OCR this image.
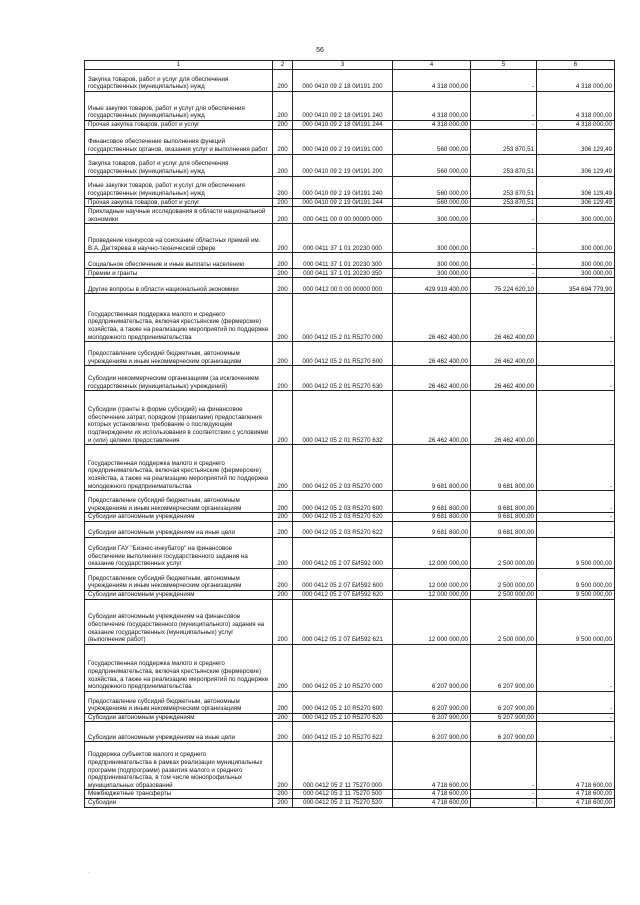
56
1	2	3	4	5	6
Закупка товаров, работ и услуг для обеспечения государственных (муниципальных) нужд	200	000 0410 09 2 18 0И191 200	4 318 000,00	-	4 318 000,00
Иные закупки товаров, работ и услуг для обеспечения государственных (муниципальных) нужд	200	000 0410 09 2 18 0И191 240	4 318 000,00	-	4 318 000,00
Прочая закупка товаров, работ и услуг	200	000 0410 09 2 18 0И191 244	4 318 000,00	-	4 318 000,00
Финансовое обеспечение выполнения функций государственных органов, оказания услуг и выполнения работ	200	000 0410 09 2 19 0И191 000	560 000,00	253 870,51	306 129,49
Закупка товаров, работ и услуг для обеспечения государственных (муниципальных) нужд	200	000 0410 09 2 19 0И191 200	560 000,00	253 870,51	306 129,49
Иные закупки товаров, работ и услуг для обеспечения государственных (муниципальных) нужд	200	000 0410 09 2 19 0И191 240	560 000,00	253 870,51	306 129,49
Прочая закупка товаров, работ и услуг	200	000 0410 09 2 19 0И191 244	560 000,00	253 870,51	306 129,49
Прикладные научные исследования в области национальной экономики	200	000 0411 00 0 00 00000 000	300 000,00	-	300 000,00
Проведение конкурсов на соискание областных премий им. В.А. Дегтярева в научно-технической сфере	200	000 0411 37 1 01 20230 000	300 000,00	-	300 000,00
Социальное обеспечение и иные выплаты населению	200	000 0411 37 1 01 20230 300	300 000,00	-	300 000,00
Премии и гранты	200	000 0411 37 1 01 20230 350	300 000,00	-	300 000,00
Другие вопросы в области национальной экономики	200	000 0412 00 0 00 00000 000	429 919 400,00	75 224 620,10	354 694 779,90
Государственная поддержка малого и среднего предпринимательства, включая крестьянские (фермерские) хозяйства, а также на реализацию мероприятий по поддержке молодежного предпринимательства	200	000 0412 05 2 01 R5270 000	26 462 400,00	26 462 400,00	-
Предоставление субсидий бюджетным, автономным учреждениям и иным некоммерческим организациям	200	000 0412 05 2 01 R5270 600	26 462 400,00	26 462 400,00	-
Субсидии некоммерческим организациям (за исключением государственных (муниципальных) учреждений)	200	000 0412 05 2 01 R5270 630	26 462 400,00	26 462 400,00	-
Субсидии (гранты в форме субсидий) на финансовое обеспечение затрат, порядком (правилами) предоставления которых установлено требование о последующем подтверждении их использования в соответствии с условиями и (или) целями предоставления	200	000 0412 05 2 01 R5270 632	26 462 400,00	26 462 400,00	-
Государственная поддержка малого и среднего предпринимательства, включая крестьянские (фермерские) хозяйства, а также на реализацию мероприятий по поддержке молодежного предпринимательства	200	000 0412 05 2 03 R5270 000	9 681 800,00	9 681 800,00	-
Предоставление субсидий бюджетным, автономным учреждениям и иным некоммерческим организациям	200	000 0412 05 2 03 R5270 600	9 681 800,00	9 681 800,00	-
Субсидии автономным учреждениям	200	000 0412 05 2 03 R5270 620	9 681 800,00	9 681 800,00	-
Субсидии автономным учреждениям на иные цели	200	000 0412 05 2 03 R5270 622	9 681 800,00	9 681 800,00	-
Субсидии ГАУ "Бизнес-инкубатор" на финансовое обеспечение выполнения государственного задания на оказание государственных услуг	200	000 0412 05 2 07 БИ592 000	12 000 000,00	2 500 000,00	9 500 000,00
Предоставление субсидий бюджетным, автономным учреждениям и иным некоммерческим организациям	200	000 0412 05 2 07 БИ592 600	12 000 000,00	2 500 000,00	9 500 000,00
Субсидии автономным учреждениям	200	000 0412 05 2 07 БИ592 620	12 000 000,00	2 500 000,00	9 500 000,00
Субсидии автономным учреждениям на финансовое обеспечение государственного (муниципального) задания на оказание государственных (муниципальных) услуг (выполнение работ)	200	000 0412 05 2 07 БИ592 621	12 000 000,00	2 500 000,00	9 500 000,00
Государственная поддержка малого и среднего предпринимательства, включая крестьянские (фермерские) хозяйства, а также на реализацию мероприятий по поддержке молодежного предпринимательства	200	000 0412 05 2 10 R5270 000	6 207 900,00	6 207 900,00	-
Предоставление субсидий бюджетным, автономным учреждениям и иным некоммерческим организациям	200	000 0412 05 2 10 R5270 600	6 207 900,00	6 207 900,00	-
Субсидии автономным учреждениям	200	000 0412 05 2 10 R5270 620	6 207 900,00	6 207 900,00	-
Субсидии автономным учреждениям на иные цели	200	000 0412 05 2 10 R5270 622	6 207 900,00	6 207 900,00	-
Поддержка субъектов малого и среднего предпринимательства в рамках реализации муниципальных программ (подпрограмм) развития малого и среднего предпринимательства, в том числе монопрофильных муниципальных образований	200	000 0412 05 2 11 75270 000	4 718 600,00	-	4 718 600,00
Межбюджетные трансферты	200	000 0412 05 2 11 75270 500	4 718 600,00	-	4 718 600,00
Субсидии	200	000 0412 05 2 11 75270 520	4 718 600,00	-	4 718 600,00
·
